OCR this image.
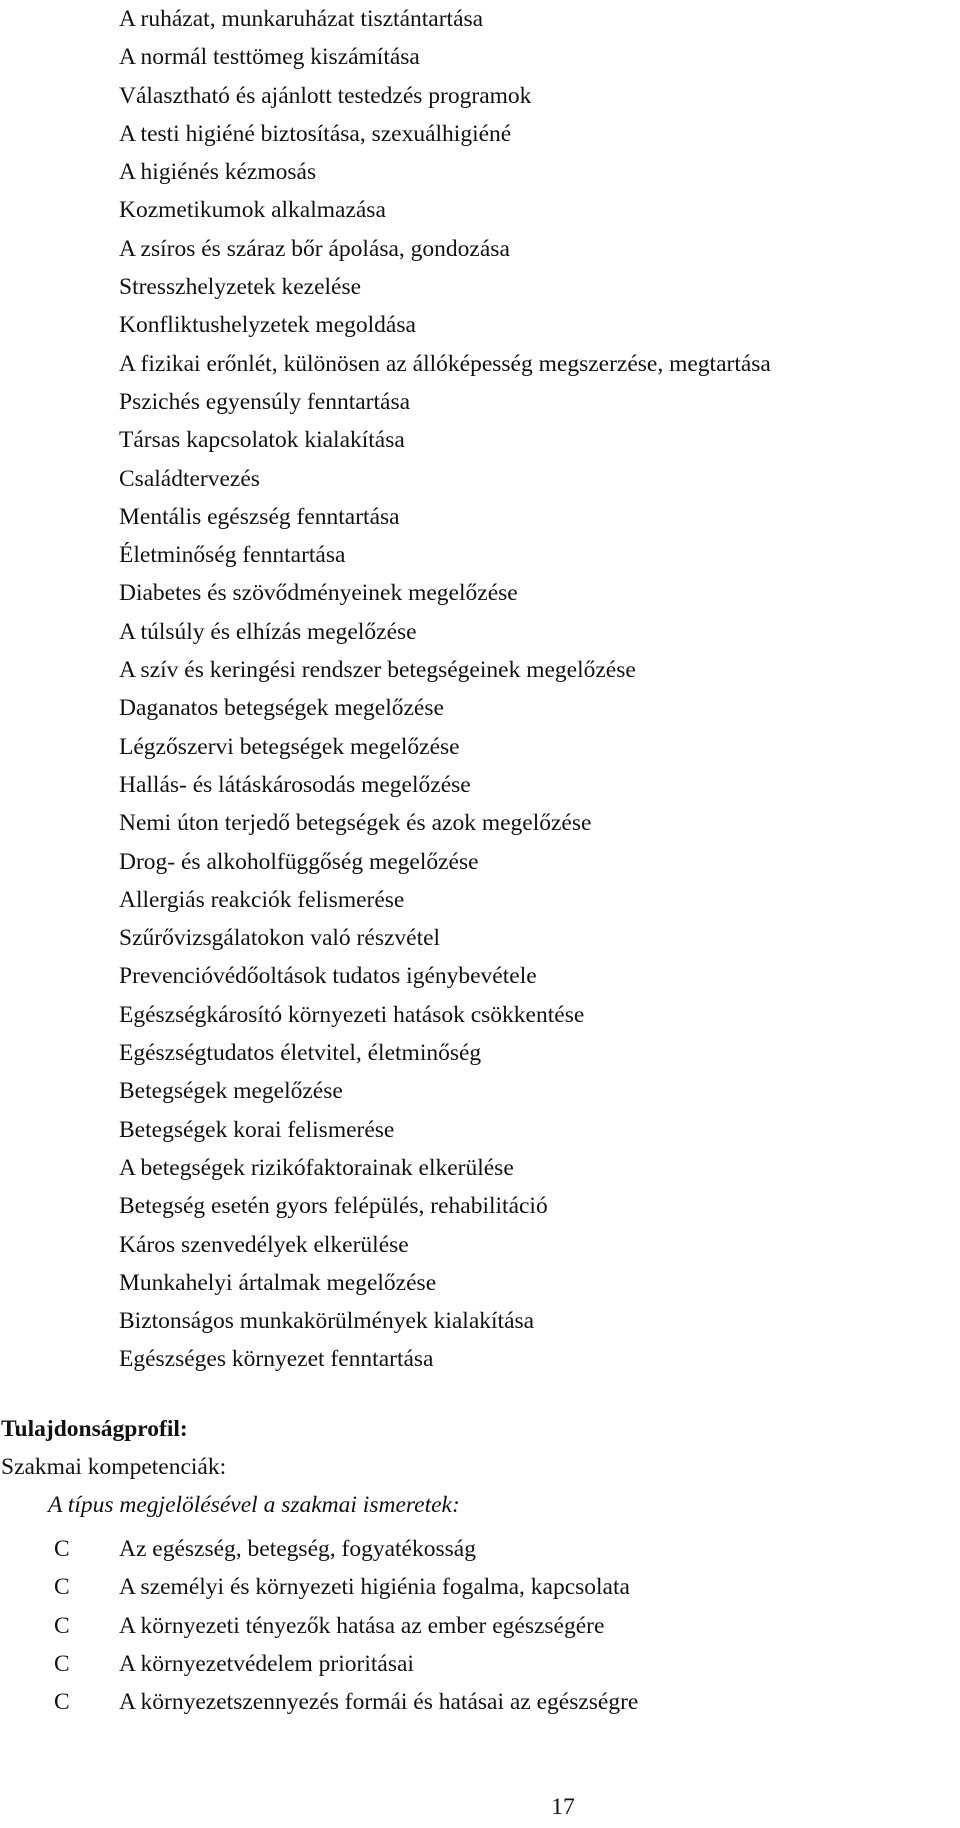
A ruházat, munkaruházat tisztántartása
A normál testtömeg kiszámítása
Választható és ajánlott testedzés programok
A testi higiéné biztosítása, szexuálhigiéné
A higiénés kézmosás
Kozmetikumok alkalmazása
A zsíros és száraz bőr ápolása, gondozása
Stresszhelyzetek kezelése
Konfliktushelyzetek megoldása
A fizikai erőnlét, különösen az állóképesség megszerzése, megtartása
Pszichés egyensúly fenntartása
Társas kapcsolatok kialakítása
Családtervezés
Mentális egészség fenntartása
Életminőség fenntartása
Diabetes és szövődményeinek megelőzése
A túlsúly és elhízás megelőzése
A szív és keringési rendszer betegségeinek megelőzése
Daganatos betegségek megelőzése
Légzőszervi betegségek megelőzése
Hallás- és látáskárosodás megelőzése
Nemi úton terjedő betegségek és azok megelőzése
Drog- és alkoholfüggőség megelőzése
Allergiás reakciók felismerése
Szűrővizsgálatokon való részvétel
Prevencióvédőoltások tudatos igénybevétele
Egészségkárosító környezeti hatások csökkentése
Egészségtudatos életvitel, életminőség
Betegségek megelőzése
Betegségek korai felismerése
A betegségek rizikófaktorainak elkerülése
Betegség esetén gyors felépülés, rehabilitáció
Káros szenvedélyek elkerülése
Munkahelyi ártalmak megelőzése
Biztonságos munkakörülmények kialakítása
Egészséges környezet fenntartása
Tulajdonságprofil:
Szakmai kompetenciák:
A típus megjelölésével a szakmai ismeretek:
C Az egészség, betegség, fogyatékosság
C A személyi és környezeti higiénia fogalma, kapcsolata
C A környezeti tényezők hatása az ember egészségére
C A környezetvédelem prioritásai
C A környezetszennyezés formái és hatásai az egészségre
17
